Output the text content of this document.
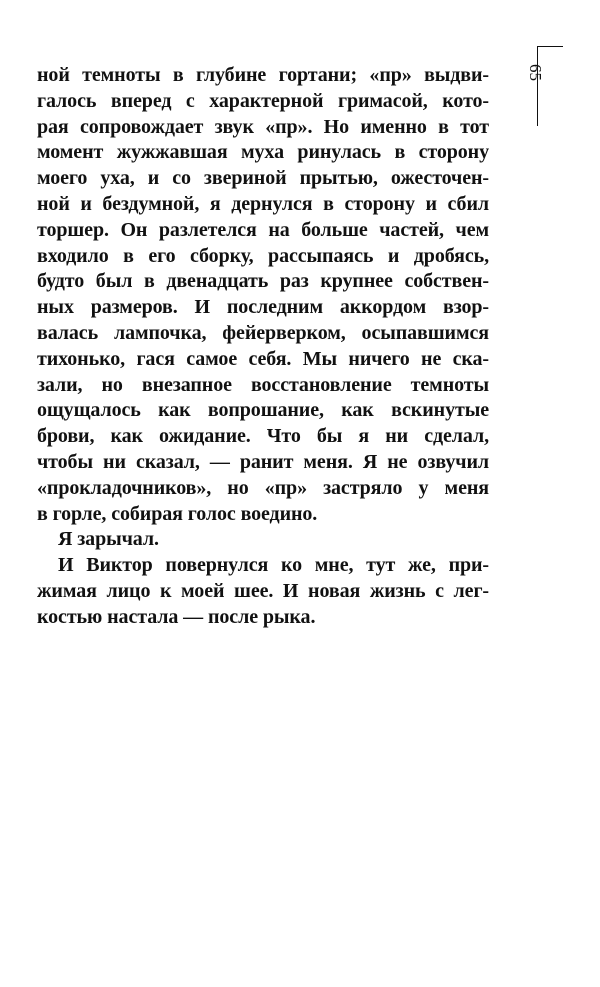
65
ной темноты в глубине гортани; «пр» выдви-
галось вперед с характерной гримасой, кото-
рая сопровождает звук «пр». Но именно в тот
момент жужжавшая муха ринулась в сторону
моего уха, и со звериной прытью, ожесточен-
ной и бездумной, я дернулся в сторону и сбил
торшер. Он разлетелся на больше частей, чем
входило в его сборку, рассыпаясь и дробясь,
будто был в двенадцать раз крупнее собствен-
ных размеров. И последним аккордом взор-
валась лампочка, фейерверком, осыпавшимся
тихонько, гася самое себя. Мы ничего не ска-
зали, но внезапное восстановление темноты
ощущалось как вопрошание, как вскинутые
брови, как ожидание. Что бы я ни сделал,
чтобы ни сказал, — ранит меня. Я не озвучил
«прокладочников», но «пр» застряло у меня
в горле, собирая голос воедино.
Я зарычал.
И Виктор повернулся ко мне, тут же, при-
жимая лицо к моей шее. И новая жизнь с лег-
костью настала — после рыка.
